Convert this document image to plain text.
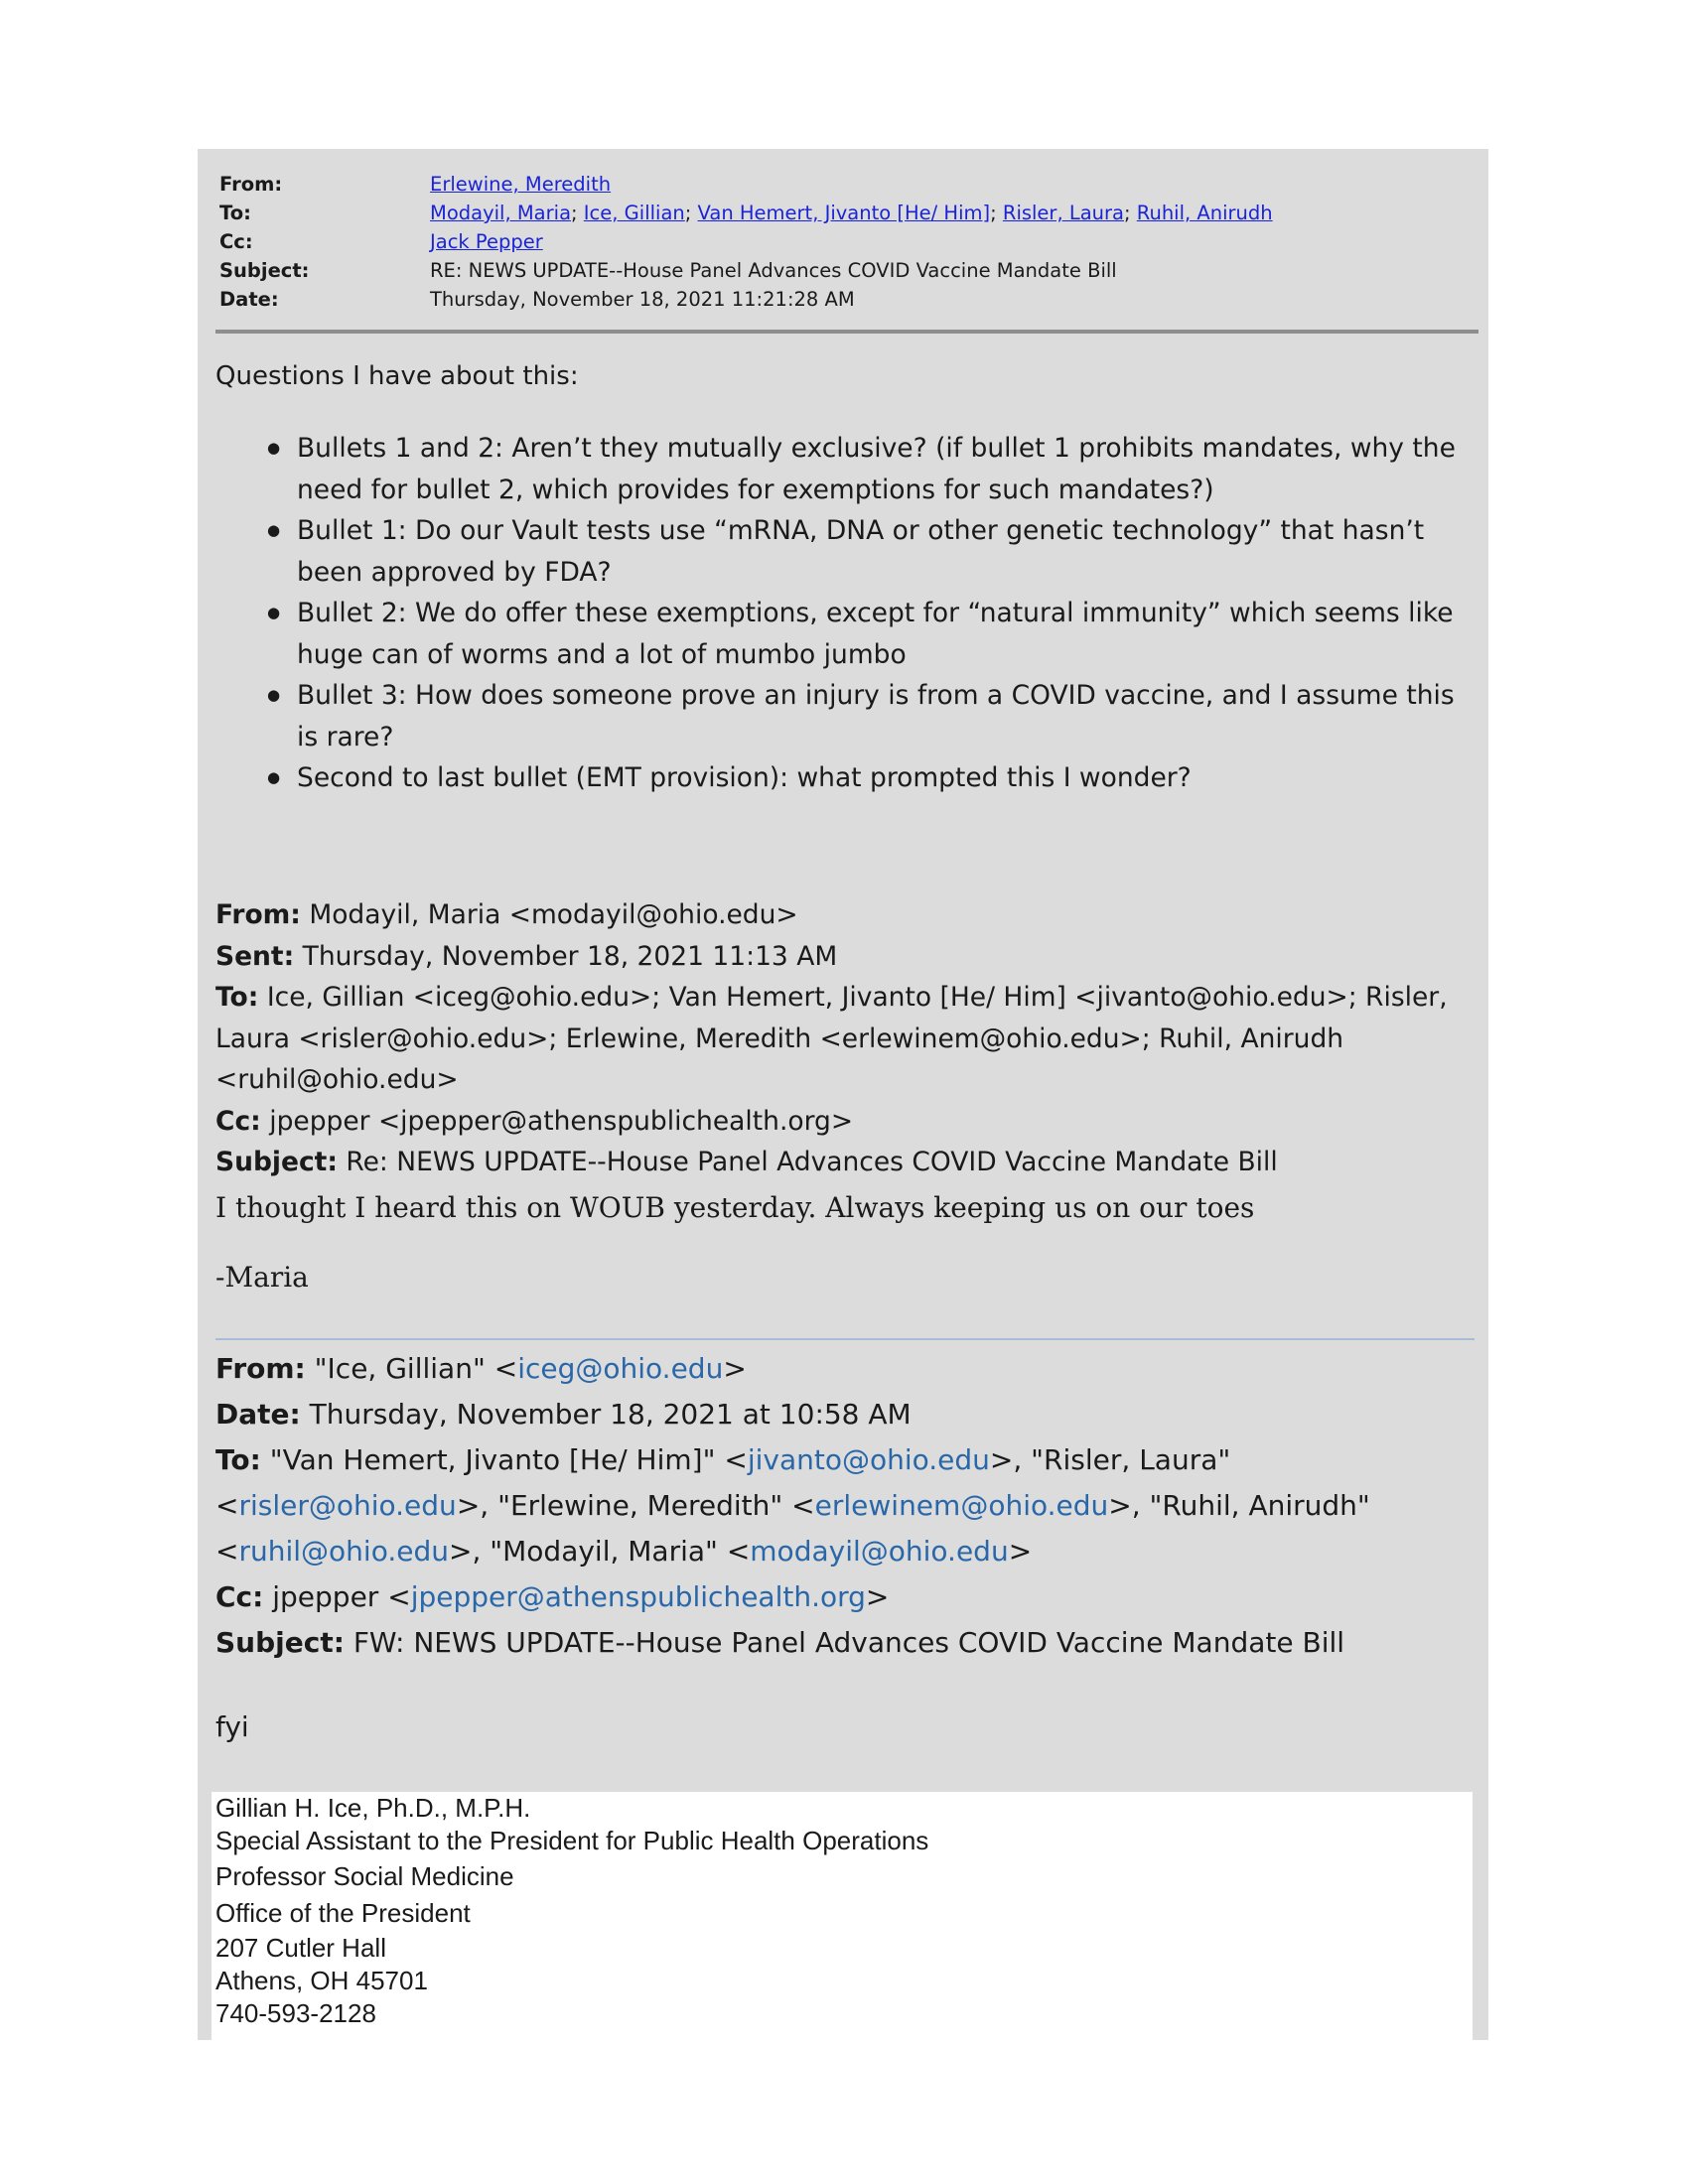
From:	Erlewine, Meredith
To:	Modayil, Maria; Ice, Gillian; Van Hemert, Jivanto [He/ Him]; Risler, Laura; Ruhil, Anirudh
Cc:	Jack Pepper
Subject:	RE: NEWS UPDATE--House Panel Advances COVID Vaccine Mandate Bill
Date:	Thursday, November 18, 2021 11:21:28 AM
Questions I have about this:
● Bullets 1 and 2: Aren’t they mutually exclusive? (if bullet 1 prohibits mandates, why the need for bullet 2, which provides for exemptions for such mandates?)
● Bullet 1: Do our Vault tests use “mRNA, DNA or other genetic technology” that hasn’t been approved by FDA?
● Bullet 2: We do offer these exemptions, except for “natural immunity” which seems like huge can of worms and a lot of mumbo jumbo
● Bullet 3: How does someone prove an injury is from a COVID vaccine, and I assume this is rare?
● Second to last bullet (EMT provision): what prompted this I wonder?
From: Modayil, Maria <modayil@ohio.edu>
Sent: Thursday, November 18, 2021 11:13 AM
To: Ice, Gillian <iceg@ohio.edu>; Van Hemert, Jivanto [He/ Him] <jivanto@ohio.edu>; Risler, Laura <risler@ohio.edu>; Erlewine, Meredith <erlewinem@ohio.edu>; Ruhil, Anirudh <ruhil@ohio.edu>
Cc: jpepper <jpepper@athenspublichealth.org>
Subject: Re: NEWS UPDATE--House Panel Advances COVID Vaccine Mandate Bill
I thought I heard this on WOUB yesterday. Always keeping us on our toes
-Maria
From: "Ice, Gillian" <iceg@ohio.edu>
Date: Thursday, November 18, 2021 at 10:58 AM
To: "Van Hemert, Jivanto [He/ Him]" <jivanto@ohio.edu>, "Risler, Laura" <risler@ohio.edu>, "Erlewine, Meredith" <erlewinem@ohio.edu>, "Ruhil, Anirudh" <ruhil@ohio.edu>, "Modayil, Maria" <modayil@ohio.edu>
Cc: jpepper <jpepper@athenspublichealth.org>
Subject: FW: NEWS UPDATE--House Panel Advances COVID Vaccine Mandate Bill
fyi
Gillian H. Ice, Ph.D., M.P.H.
Special Assistant to the President for Public Health Operations
Professor Social Medicine
Office of the President
207 Cutler Hall
Athens, OH 45701
740-593-2128
